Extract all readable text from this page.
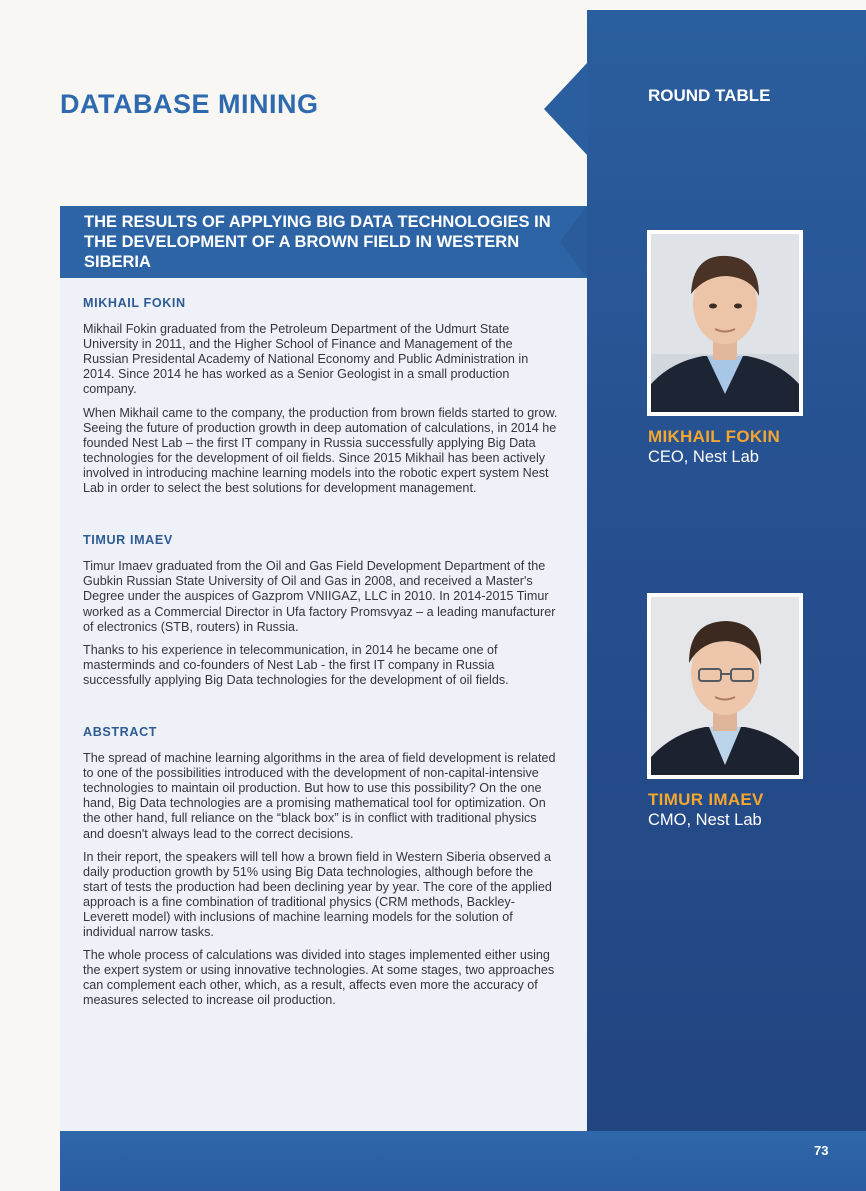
ROUND TABLE
DATABASE MINING
THE RESULTS OF APPLYING BIG DATA TECHNOLOGIES IN THE DEVELOPMENT OF A BROWN FIELD IN WESTERN SIBERIA
MIKHAIL FOKIN

Mikhail Fokin graduated from the Petroleum Department of the Udmurt State University in 2011, and the Higher School of Finance and Management of the Russian Presidental Academy of National Economy and Public Administration in 2014. Since 2014 he has worked as a Senior Geologist in a small production company.

When Mikhail came to the company, the production from brown fields started to grow. Seeing the future of production growth in deep automation of calculations, in 2014 he founded Nest Lab – the first IT company in Russia successfully applying Big Data technologies for the development of oil fields. Since 2015 Mikhail has been actively involved in introducing machine learning models into the robotic expert system Nest Lab in order to select the best solutions for development management.

TIMUR IMAEV

Timur Imaev graduated from the Oil and Gas Field Development Department of the Gubkin Russian State University of Oil and Gas in 2008, and received a Master's Degree under the auspices of Gazprom VNIIGAZ, LLC in 2010. In 2014-2015 Timur worked as a Commercial Director in Ufa factory Promsvyaz – a leading manufacturer of electronics (STB, routers) in Russia.

Thanks to his experience in telecommunication, in 2014 he became one of masterminds and co-founders of Nest Lab - the first IT company in Russia successfully applying Big Data technologies for the development of oil fields.

ABSTRACT

The spread of machine learning algorithms in the area of field development is related to one of the possibilities introduced with the development of non-capital-intensive technologies to maintain oil production. But how to use this possibility? On the one hand, Big Data technologies are a promising mathematical tool for optimization. On the other hand, full reliance on the “black box” is in conflict with traditional physics and doesn't always lead to the correct decisions.

In their report, the speakers will tell how a brown field in Western Siberia observed a daily production growth by 51% using Big Data technologies, although before the start of tests the production had been declining year by year. The core of the applied approach is a fine combination of traditional physics (CRM methods, Backley-Leverett model) with inclusions of machine learning models for the solution of individual narrow tasks.

The whole process of calculations was divided into stages implemented either using the expert system or using innovative technologies. At some stages, two approaches can complement each other, which, as a result, affects even more the accuracy of measures selected to increase oil production.

MIKHAIL FOKIN
CEO, Nest Lab
TIMUR IMAEV
CMO, Nest Lab
73
